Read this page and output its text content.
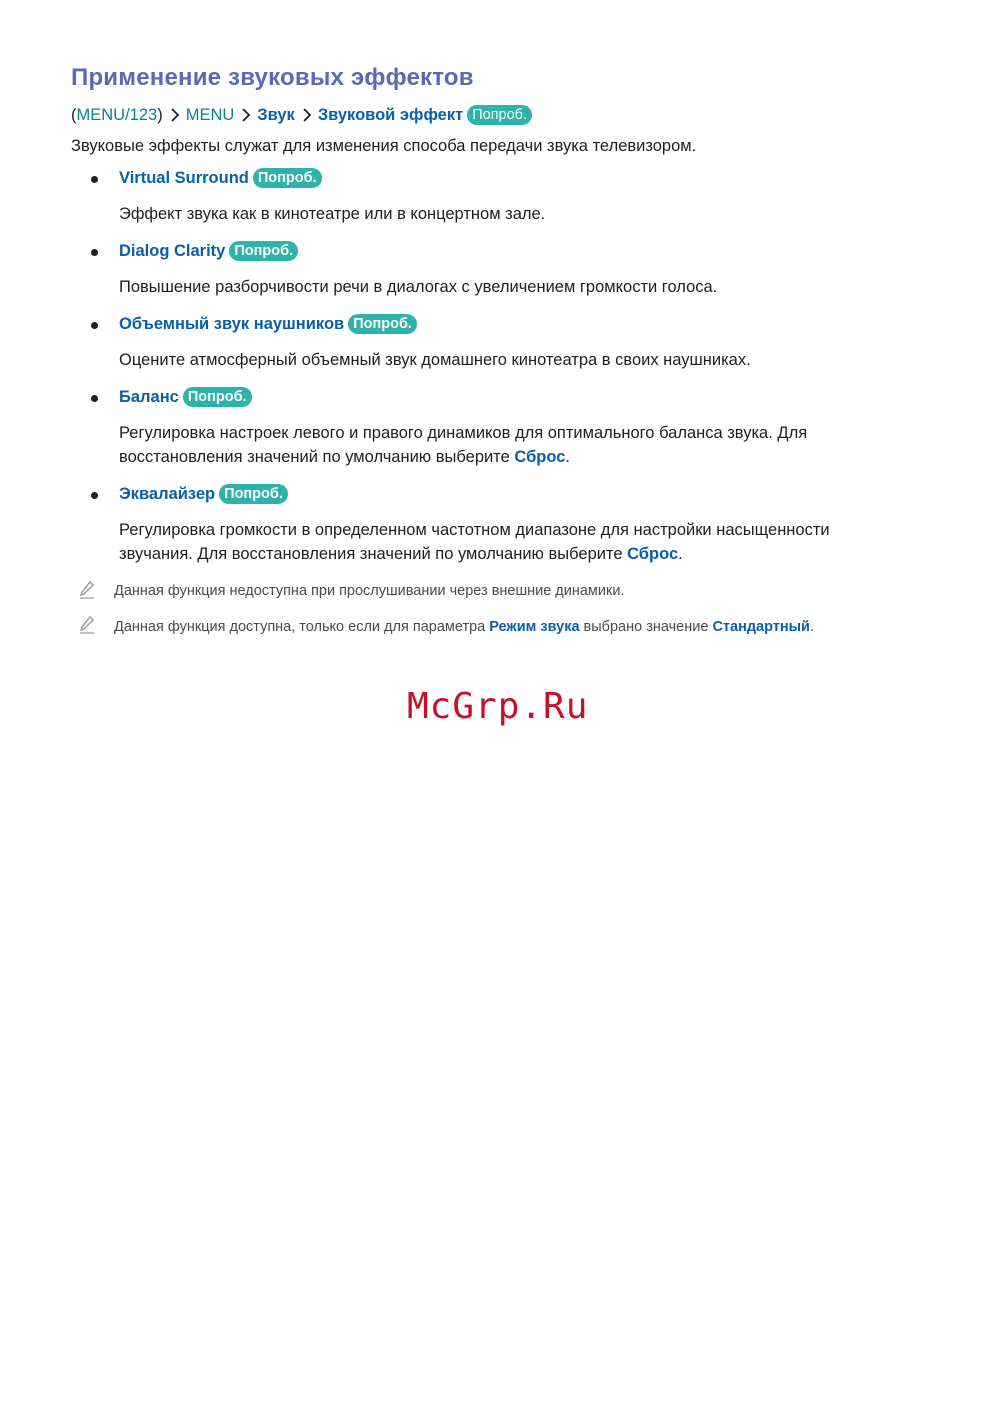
Применение звуковых эффектов
( MENU/123 ) MENU Звук Звуковой эффект Попроб.
Звуковые эффекты служат для изменения способа передачи звука телевизором.
Virtual Surround Попроб.
Эффект звука как в кинотеатре или в концертном зале.
Dialog Clarity Попроб.
Повышение разборчивости речи в диалогах с увеличением громкости голоса.
Объемный звук наушников Попроб.
Оцените атмосферный объемный звук домашнего кинотеатра в своих наушниках.
Баланс Попроб.
Регулировка настроек левого и правого динамиков для оптимального баланса звука. Для восстановления значений по умолчанию выберите Сброс.
Эквалайзер Попроб.
Регулировка громкости в определенном частотном диапазоне для настройки насыщенности звучания. Для восстановления значений по умолчанию выберите Сброс.
Данная функция недоступна при прослушивании через внешние динамики.
Данная функция доступна, только если для параметра Режим звука выбрано значение Стандартный.
McGrp.Ru
